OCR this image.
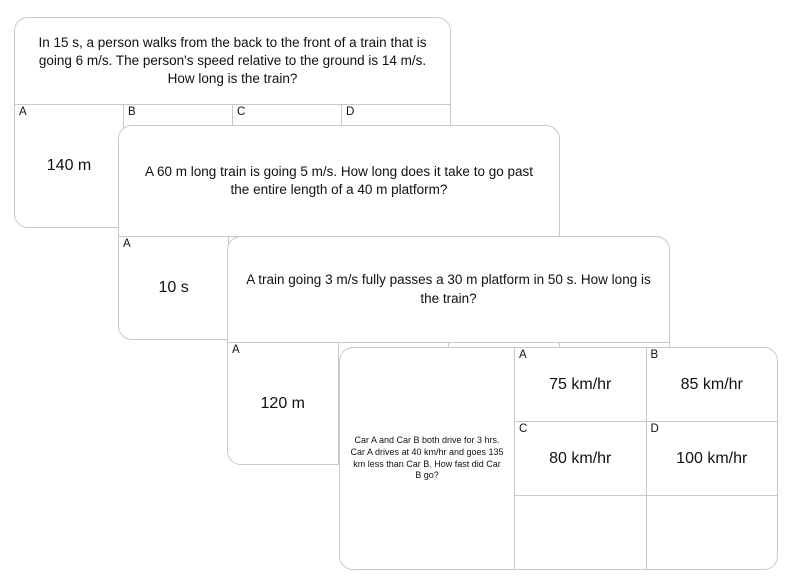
In 15 s, a person walks from the back to the front of a train that is going 6 m/s. The person's speed relative to the ground is 14 m/s. How long is the train?
A
140 m
B	C	D
A 60 m long train is going 5 m/s. How long does it take to go past the entire length of a 40 m platform?
A
10 s	A train going 3 m/s fully passes a 30 m platform in 50 s. How long is the train?
A
120 m
Car A and Car B both drive for 3 hrs. Car A drives at 40 km/hr and goes 135 km less than Car B. How fast did Car B go?
A
75 km/hr
B
85 km/hr
C
80 km/hr
D
100 km/hr
